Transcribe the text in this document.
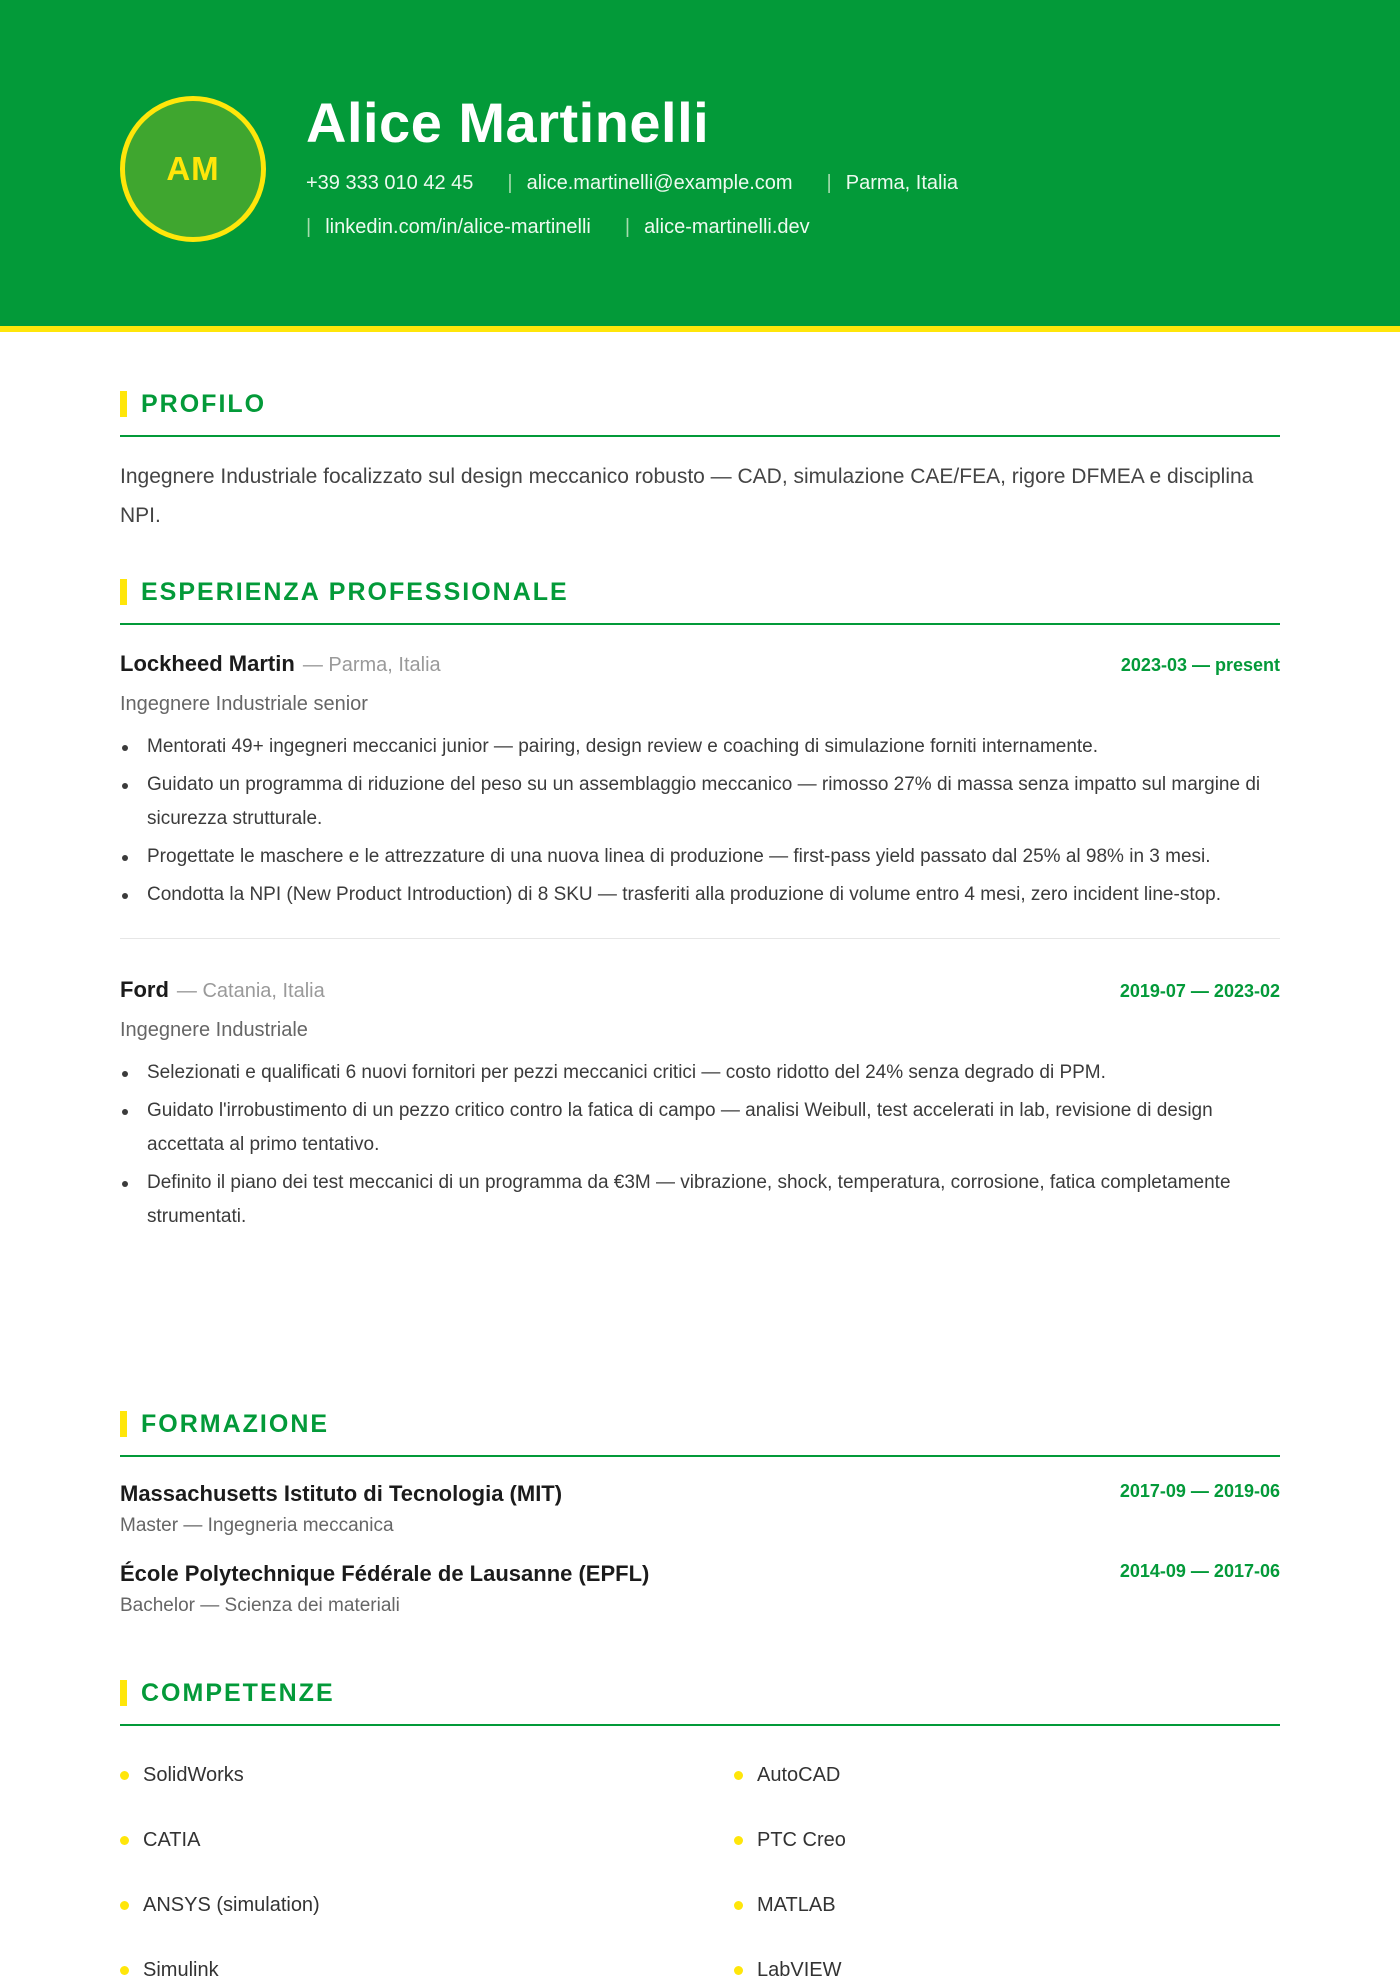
AM
Alice Martinelli
+39 333 010 42 45 | alice.martinelli@example.com | Parma, Italia
| linkedin.com/in/alice-martinelli | alice-martinelli.dev
PROFILO

Ingegnere Industriale focalizzato sul design meccanico robusto — CAD, simulazione CAE/FEA, rigore DFMEA e disciplina NPI.

ESPERIENZA PROFESSIONALE
Lockheed Martin — Parma, Italia	2023-03 — present
Ingegnere Industriale senior
Mentorati 49+ ingegneri meccanici junior — pairing, design review e coaching di simulazione forniti internamente.
Guidato un programma di riduzione del peso su un assemblaggio meccanico — rimosso 27% di massa senza impatto sul margine di sicurezza strutturale.
Progettate le maschere e le attrezzature di una nuova linea di produzione — first-pass yield passato dal 25% al 98% in 3 mesi.
Condotta la NPI (New Product Introduction) di 8 SKU — trasferiti alla produzione di volume entro 4 mesi, zero incident line-stop.
Ford — Catania, Italia	2019-07 — 2023-02
Ingegnere Industriale
Selezionati e qualificati 6 nuovi fornitori per pezzi meccanici critici — costo ridotto del 24% senza degrado di PPM.
Guidato l'irrobustimento di un pezzo critico contro la fatica di campo — analisi Weibull, test accelerati in lab, revisione di design accettata al primo tentativo.
Definito il piano dei test meccanici di un programma da €3M — vibrazione, shock, temperatura, corrosione, fatica completamente strumentati.
FORMAZIONE
Massachusetts Istituto di Tecnologia (MIT)
Master — Ingegneria meccanica
2017-09 — 2019-06
École Polytechnique Fédérale de Lausanne (EPFL)
Bachelor — Scienza dei materiali
2014-09 — 2017-06
COMPETENZE
SolidWorks	AutoCAD
CATIA	PTC Creo
ANSYS (simulation)	MATLAB
Simulink	LabVIEW
